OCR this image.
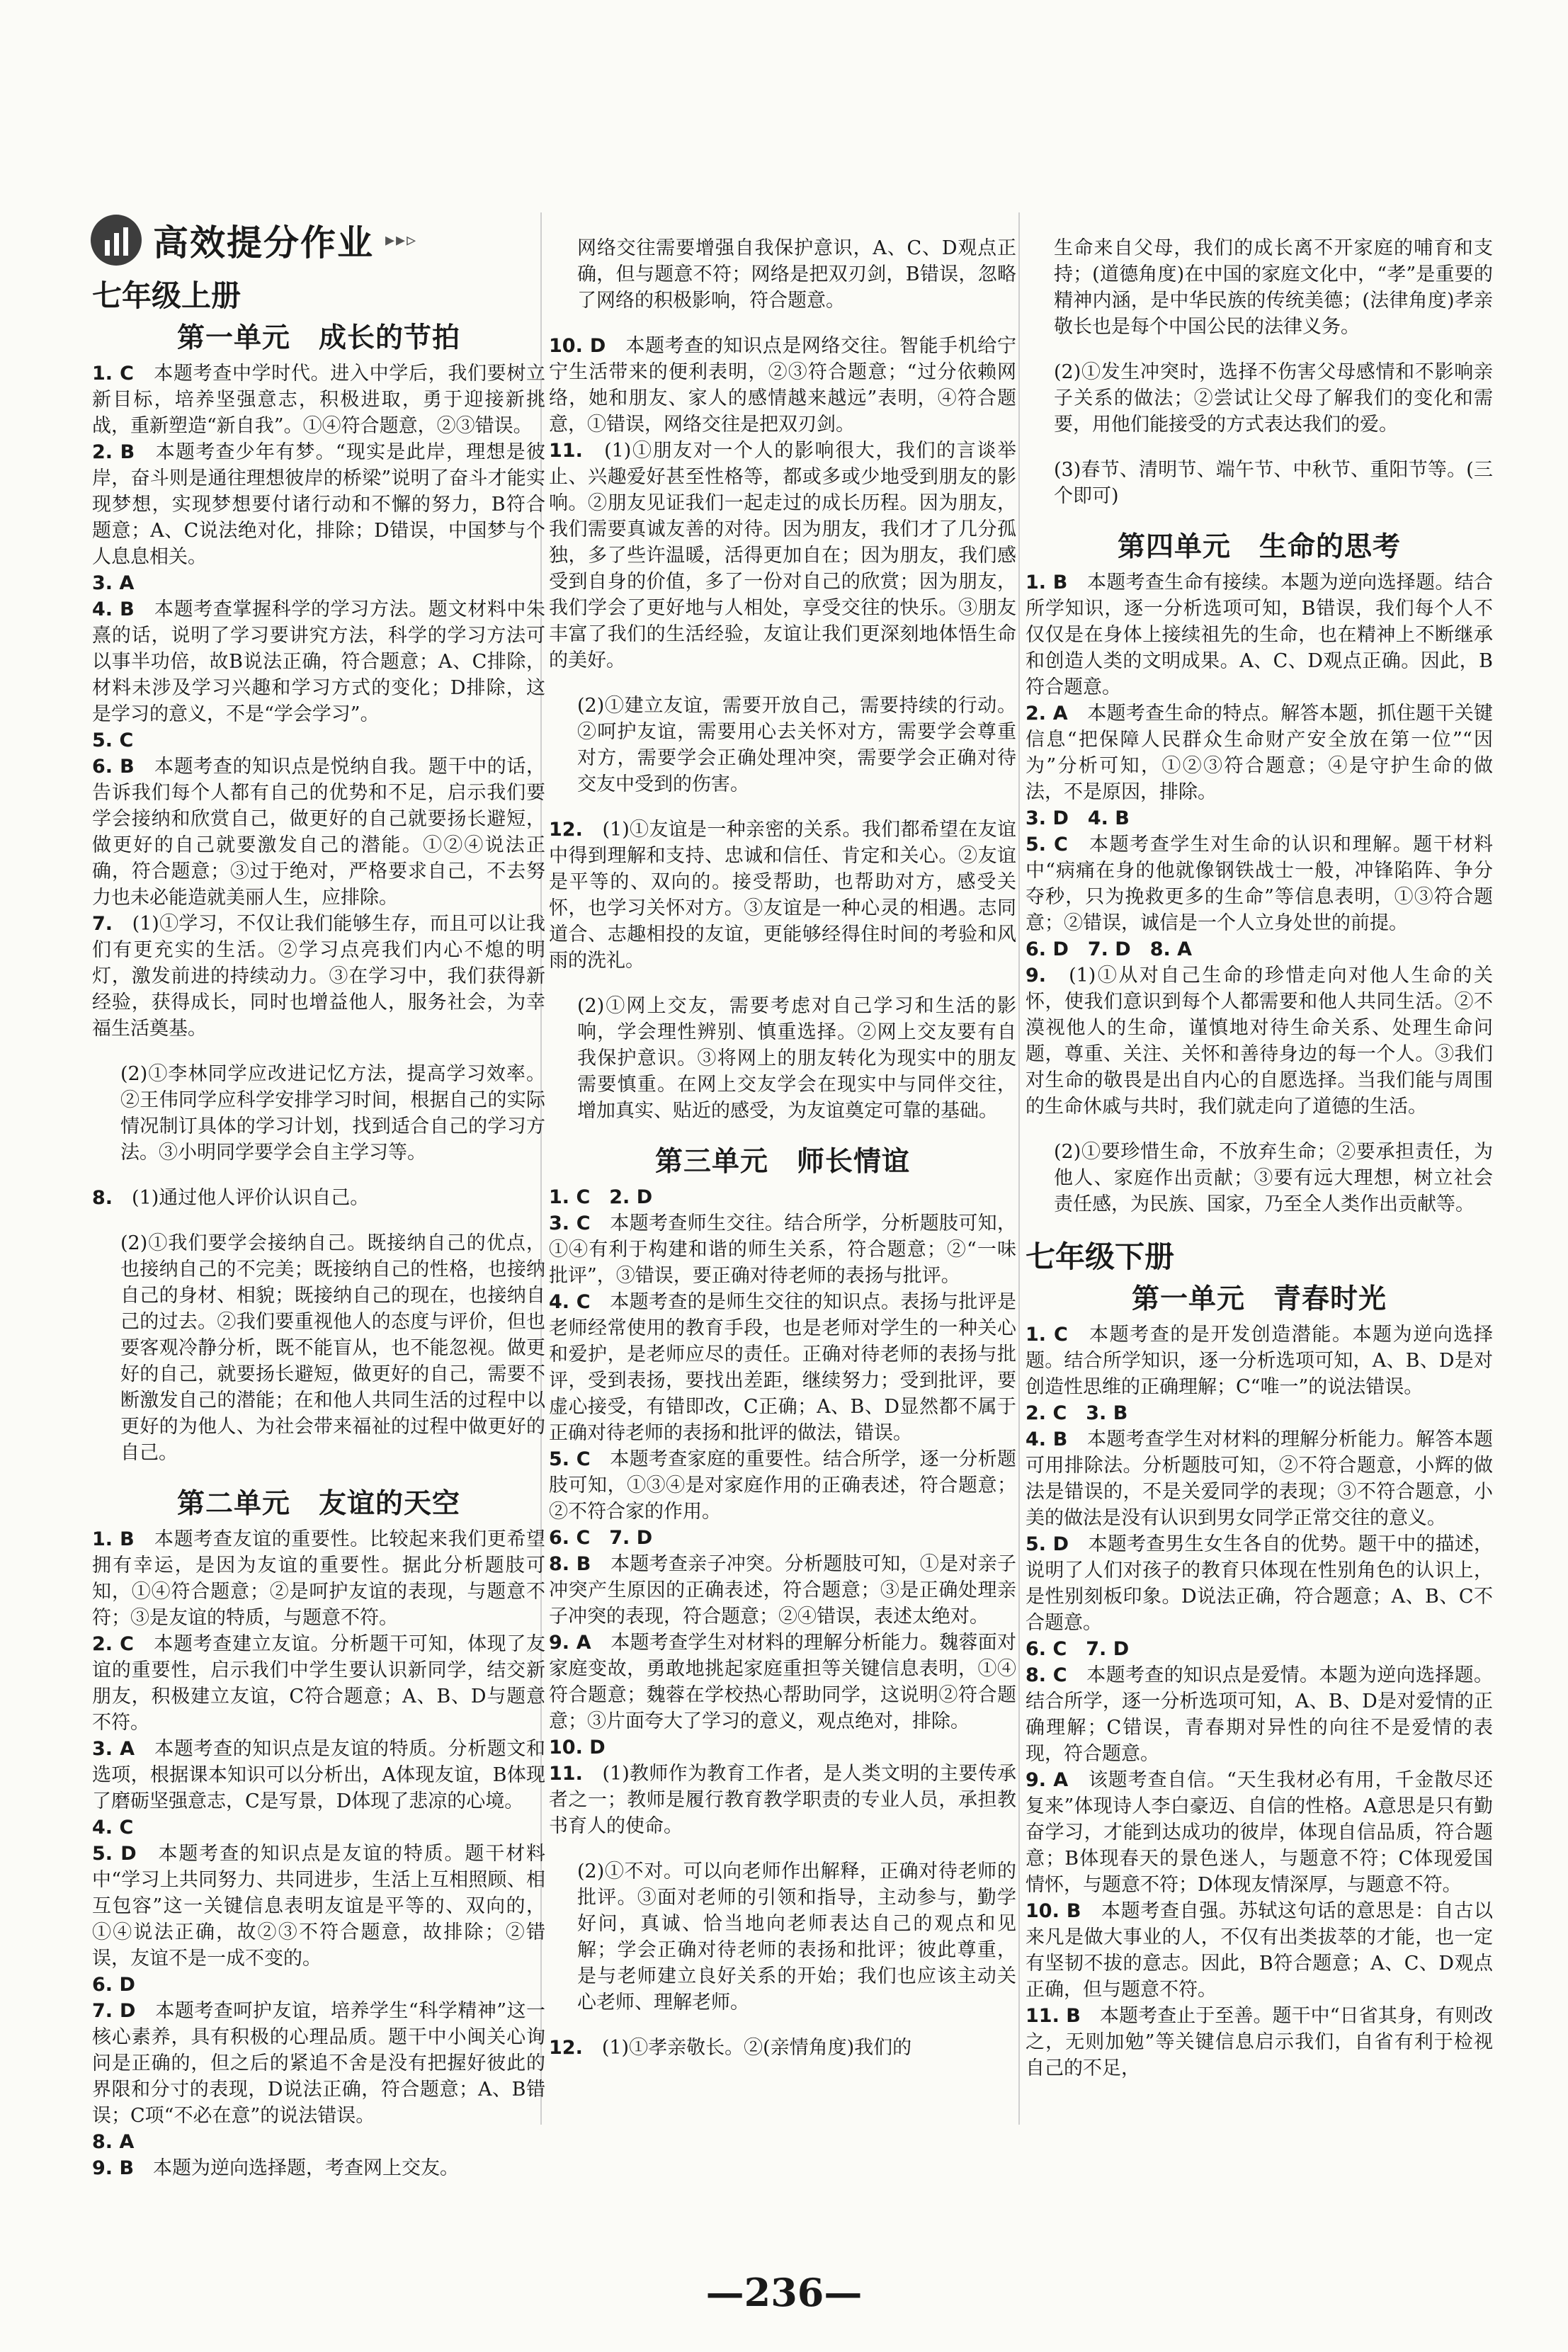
高效提分作业 ▸▸▹
七年级上册
第一单元　成长的节拍

1. C　 本题考查中学时代。进入中学后，我们要树立新目标，培养坚强意志，积极进取，勇于迎接新挑战，重新塑造“新自我”。①④符合题意，②③错误。

2. B　 本题考查少年有梦。“现实是此岸，理想是彼岸，奋斗则是通往理想彼岸的桥梁”说明了奋斗才能实现梦想，实现梦想要付诸行动和不懈的努力，B符合题意；A、C说法绝对化，排除；D错误，中国梦与个人息息相关。

3. A

4. B　 本题考查掌握科学的学习方法。题文材料中朱熹的话，说明了学习要讲究方法，科学的学习方法可以事半功倍，故B说法正确，符合题意；A、C排除，材料未涉及学习兴趣和学习方式的变化；D排除，这是学习的意义，不是“学会学习”。

5. C

6. B　 本题考查的知识点是悦纳自我。题干中的话，告诉我们每个人都有自己的优势和不足，启示我们要学会接纳和欣赏自己，做更好的自己就要扬长避短，做更好的自己就要激发自己的潜能。①②④说法正确，符合题意；③过于绝对，严格要求自己，不去努力也未必能造就美丽人生，应排除。

7.　 (1)①学习，不仅让我们能够生存，而且可以让我们有更充实的生活。②学习点亮我们内心不熄的明灯，激发前进的持续动力。③在学习中，我们获得新经验，获得成长，同时也增益他人，服务社会，为幸福生活奠基。

(2)①李林同学应改进记忆方法，提高学习效率。②王伟同学应科学安排学习时间，根据自己的实际情况制订具体的学习计划，找到适合自己的学习方法。③小明同学要学会自主学习等。

8.　 (1)通过他人评价认识自己。

(2)①我们要学会接纳自己。既接纳自己的优点，也接纳自己的不完美；既接纳自己的性格，也接纳自己的身材、相貌；既接纳自己的现在，也接纳自己的过去。②我们要重视他人的态度与评价，但也要客观冷静分析，既不能盲从，也不能忽视。做更好的自己，就要扬长避短，做更好的自己，需要不断激发自己的潜能；在和他人共同生活的过程中以更好的为他人、为社会带来福祉的过程中做更好的自己。

第二单元　友谊的天空

1. B　 本题考查友谊的重要性。比较起来我们更希望拥有幸运，是因为友谊的重要性。据此分析题肢可知，①④符合题意；②是呵护友谊的表现，与题意不符；③是友谊的特质，与题意不符。

2. C　 本题考查建立友谊。分析题干可知，体现了友谊的重要性，启示我们中学生要认识新同学，结交新朋友，积极建立友谊，C符合题意；A、B、D与题意不符。

3. A　 本题考查的知识点是友谊的特质。分析题文和选项，根据课本知识可以分析出，A体现友谊，B体现了磨砺坚强意志，C是写景，D体现了悲凉的心境。

4. C

5. D　 本题考查的知识点是友谊的特质。题干材料中“学习上共同努力、共同进步，生活上互相照顾、相互包容”这一关键信息表明友谊是平等的、双向的，①④说法正确，故②③不符合题意，故排除；②错误，友谊不是一成不变的。

6. D

7. D　 本题考查呵护友谊，培养学生“科学精神”这一核心素养，具有积极的心理品质。题干中小闽关心询问是正确的，但之后的紧追不舍是没有把握好彼此的界限和分寸的表现，D说法正确，符合题意；A、B错误；C项“不必在意”的说法错误。

8. A

9. B　 本题为逆向选择题，考查网上交友。

网络交往需要增强自我保护意识，A、C、D观点正确，但与题意不符；网络是把双刃剑，B错误，忽略了网络的积极影响，符合题意。

10. D　 本题考查的知识点是网络交往。智能手机给宁宁生活带来的便利表明，②③符合题意；“过分依赖网络，她和朋友、家人的感情越来越远”表明，④符合题意，①错误，网络交往是把双刃剑。

11.　 (1)①朋友对一个人的影响很大，我们的言谈举止、兴趣爱好甚至性格等，都或多或少地受到朋友的影响。②朋友见证我们一起走过的成长历程。因为朋友，我们需要真诚友善的对待。因为朋友，我们才了几分孤独，多了些许温暖，活得更加自在；因为朋友，我们感受到自身的价值，多了一份对自己的欣赏；因为朋友，我们学会了更好地与人相处，享受交往的快乐。③朋友丰富了我们的生活经验，友谊让我们更深刻地体悟生命的美好。

(2)①建立友谊，需要开放自己，需要持续的行动。②呵护友谊，需要用心去关怀对方，需要学会尊重对方，需要学会正确处理冲突，需要学会正确对待交友中受到的伤害。

12.　 (1)①友谊是一种亲密的关系。我们都希望在友谊中得到理解和支持、忠诚和信任、肯定和关心。②友谊是平等的、双向的。接受帮助，也帮助对方，感受关怀，也学习关怀对方。③友谊是一种心灵的相遇。志同道合、志趣相投的友谊，更能够经得住时间的考验和风雨的洗礼。

(2)①网上交友，需要考虑对自己学习和生活的影响，学会理性辨别、慎重选择。②网上交友要有自我保护意识。③将网上的朋友转化为现实中的朋友需要慎重。在网上交友学会在现实中与同伴交往，增加真实、贴近的感受，为友谊奠定可靠的基础。

第三单元　师长情谊

1. C　2. D

3. C　 本题考查师生交往。结合所学，分析题肢可知，①④有利于构建和谐的师生关系，符合题意；②“一味批评”，③错误，要正确对待老师的表扬与批评。

4. C　 本题考查的是师生交往的知识点。表扬与批评是老师经常使用的教育手段，也是老师对学生的一种关心和爱护，是老师应尽的责任。正确对待老师的表扬与批评，受到表扬，要找出差距，继续努力；受到批评，要虚心接受，有错即改，C正确；A、B、D显然都不属于正确对待老师的表扬和批评的做法，错误。

5. C　 本题考查家庭的重要性。结合所学，逐一分析题肢可知，①③④是对家庭作用的正确表述，符合题意；②不符合家的作用。

6. C　7. D

8. B　 本题考查亲子冲突。分析题肢可知，①是对亲子冲突产生原因的正确表述，符合题意；③是正确处理亲子冲突的表现，符合题意；②④错误，表述太绝对。

9. A　 本题考查学生对材料的理解分析能力。魏蓉面对家庭变故，勇敢地挑起家庭重担等关键信息表明，①④符合题意；魏蓉在学校热心帮助同学，这说明②符合题意；③片面夸大了学习的意义，观点绝对，排除。

10. D

11.　 (1)教师作为教育工作者，是人类文明的主要传承者之一；教师是履行教育教学职责的专业人员，承担教书育人的使命。

(2)①不对。可以向老师作出解释，正确对待老师的批评。③面对老师的引领和指导，主动参与，勤学好问，真诚、恰当地向老师表达自己的观点和见解；学会正确对待老师的表扬和批评；彼此尊重，是与老师建立良好关系的开始；我们也应该主动关心老师、理解老师。

12.　 (1)①孝亲敬长。②(亲情角度)我们的

生命来自父母，我们的成长离不开家庭的哺育和支持；(道德角度)在中国的家庭文化中，“孝”是重要的精神内涵，是中华民族的传统美德；(法律角度)孝亲敬长也是每个中国公民的法律义务。

(2)①发生冲突时，选择不伤害父母感情和不影响亲子关系的做法；②尝试让父母了解我们的变化和需要，用他们能接受的方式表达我们的爱。

(3)春节、清明节、端午节、中秋节、重阳节等。(三个即可)

第四单元　生命的思考

1. B　 本题考查生命有接续。本题为逆向选择题。结合所学知识，逐一分析选项可知，B错误，我们每个人不仅仅是在身体上接续祖先的生命，也在精神上不断继承和创造人类的文明成果。A、C、D观点正确。因此，B符合题意。

2. A　 本题考查生命的特点。解答本题，抓住题干关键信息“把保障人民群众生命财产安全放在第一位”“因为”分析可知，①②③符合题意；④是守护生命的做法，不是原因，排除。

3. D　4. B

5. C　 本题考查学生对生命的认识和理解。题干材料中“病痛在身的他就像钢铁战士一般，冲锋陷阵、争分夺秒，只为挽救更多的生命”等信息表明，①③符合题意；②错误，诚信是一个人立身处世的前提。

6. D　7. D　8. A

9.　 (1)①从对自己生命的珍惜走向对他人生命的关怀，使我们意识到每个人都需要和他人共同生活。②不漠视他人的生命，谨慎地对待生命关系、处理生命问题，尊重、关注、关怀和善待身边的每一个人。③我们对生命的敬畏是出自内心的自愿选择。当我们能与周围的生命休戚与共时，我们就走向了道德的生活。

(2)①要珍惜生命，不放弃生命；②要承担责任，为他人、家庭作出贡献；③要有远大理想，树立社会责任感，为民族、国家，乃至全人类作出贡献等。

七年级下册
第一单元　青春时光

1. C　 本题考查的是开发创造潜能。本题为逆向选择题。结合所学知识，逐一分析选项可知，A、B、D是对创造性思维的正确理解；C“唯一”的说法错误。

2. C　3. B

4. B　 本题考查学生对材料的理解分析能力。解答本题可用排除法。分析题肢可知，②不符合题意，小辉的做法是错误的，不是关爱同学的表现；③不符合题意，小美的做法是没有认识到男女同学正常交往的意义。

5. D　 本题考查男生女生各自的优势。题干中的描述，说明了人们对孩子的教育只体现在性别角色的认识上，是性别刻板印象。D说法正确，符合题意；A、B、C不合题意。

6. C　7. D

8. C　 本题考查的知识点是爱情。本题为逆向选择题。结合所学，逐一分析选项可知，A、B、D是对爱情的正确理解；C错误，青春期对异性的向往不是爱情的表现，符合题意。

9. A　 该题考查自信。“天生我材必有用，千金散尽还复来”体现诗人李白豪迈、自信的性格。A意思是只有勤奋学习，才能到达成功的彼岸，体现自信品质，符合题意；B体现春天的景色迷人，与题意不符；C体现爱国情怀，与题意不符；D体现友情深厚，与题意不符。

10. B　 本题考查自强。苏轼这句话的意思是：自古以来凡是做大事业的人，不仅有出类拔萃的才能，也一定有坚韧不拔的意志。因此，B符合题意；A、C、D观点正确，但与题意不符。

11. B　 本题考查止于至善。题干中“日省其身，有则改之，无则加勉”等关键信息启示我们，自省有利于检视自己的不足，

—236—
